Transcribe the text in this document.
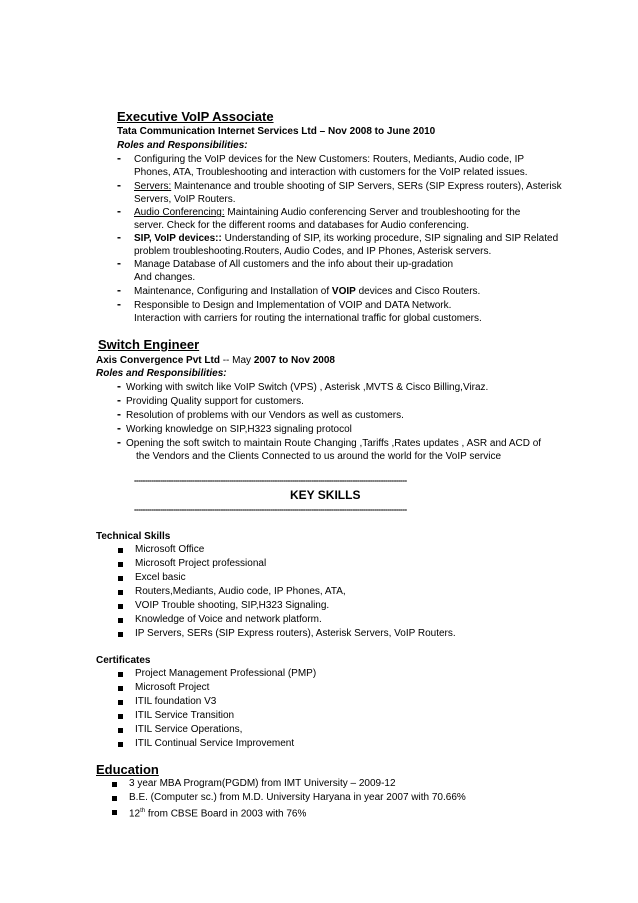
Executive VoIP Associate
Tata Communication Internet Services Ltd – Nov 2008 to June 2010
Roles and Responsibilities:
- Configuring the VoIP devices for the New Customers: Routers, Mediants, Audio code, IP
Phones, ATA, Troubleshooting and interaction with customers for the VoIP related issues.
- Servers: Maintenance and trouble shooting of SIP Servers, SERs (SIP Express routers), Asterisk
Servers, VoIP Routers.
- Audio Conferencing: Maintaining Audio conferencing Server and troubleshooting for the
server. Check for the different rooms and databases for Audio conferencing.
- SIP, VoIP devices:: Understanding of SIP, its working procedure, SIP signaling and SIP Related
problem troubleshooting.Routers, Audio Codes, and IP Phones, Asterisk servers.
- Manage Database of All customers and the info about their up-gradation
And changes.
- Maintenance, Configuring and Installation of VOIP devices and Cisco Routers.
- Responsible to Design and Implementation of VOIP and DATA Network.
Interaction with carriers for routing the international traffic for global customers.
Switch Engineer
Axis Convergence Pvt Ltd -- May 2007 to Nov 2008
Roles and Responsibilities:
- Working with switch like VoIP Switch (VPS) , Asterisk ,MVTS & Cisco Billing,Viraz.
- Providing Quality support for customers.
- Resolution of problems with our Vendors as well as customers.
- Working knowledge on SIP,H323 signaling protocol
- Opening the soft switch to maintain Route Changing ,Tariffs ,Rates updates , ASR and ACD of
the Vendors and the Clients Connected to us around the world for the VoIP service
------------------------------------------------------------------------------------------------------------------------------
KEY SKILLS
------------------------------------------------------------------------------------------------------------------------------
Technical Skills
Microsoft Office
Microsoft Project professional
Excel basic
Routers,Mediants, Audio code, IP Phones, ATA,
VOIP Trouble shooting, SIP,H323 Signaling.
Knowledge of Voice and network platform.
IP Servers, SERs (SIP Express routers), Asterisk Servers, VoIP Routers.
Certificates
Project Management Professional (PMP)
Microsoft Project
ITIL foundation V3
ITIL Service Transition
ITIL Service Operations,
ITIL Continual Service Improvement
Education
3 year MBA Program(PGDM) from IMT University – 2009-12
B.E. (Computer sc.) from M.D. University Haryana in year 2007 with 70.66%
12th from CBSE Board in 2003 with 76%
